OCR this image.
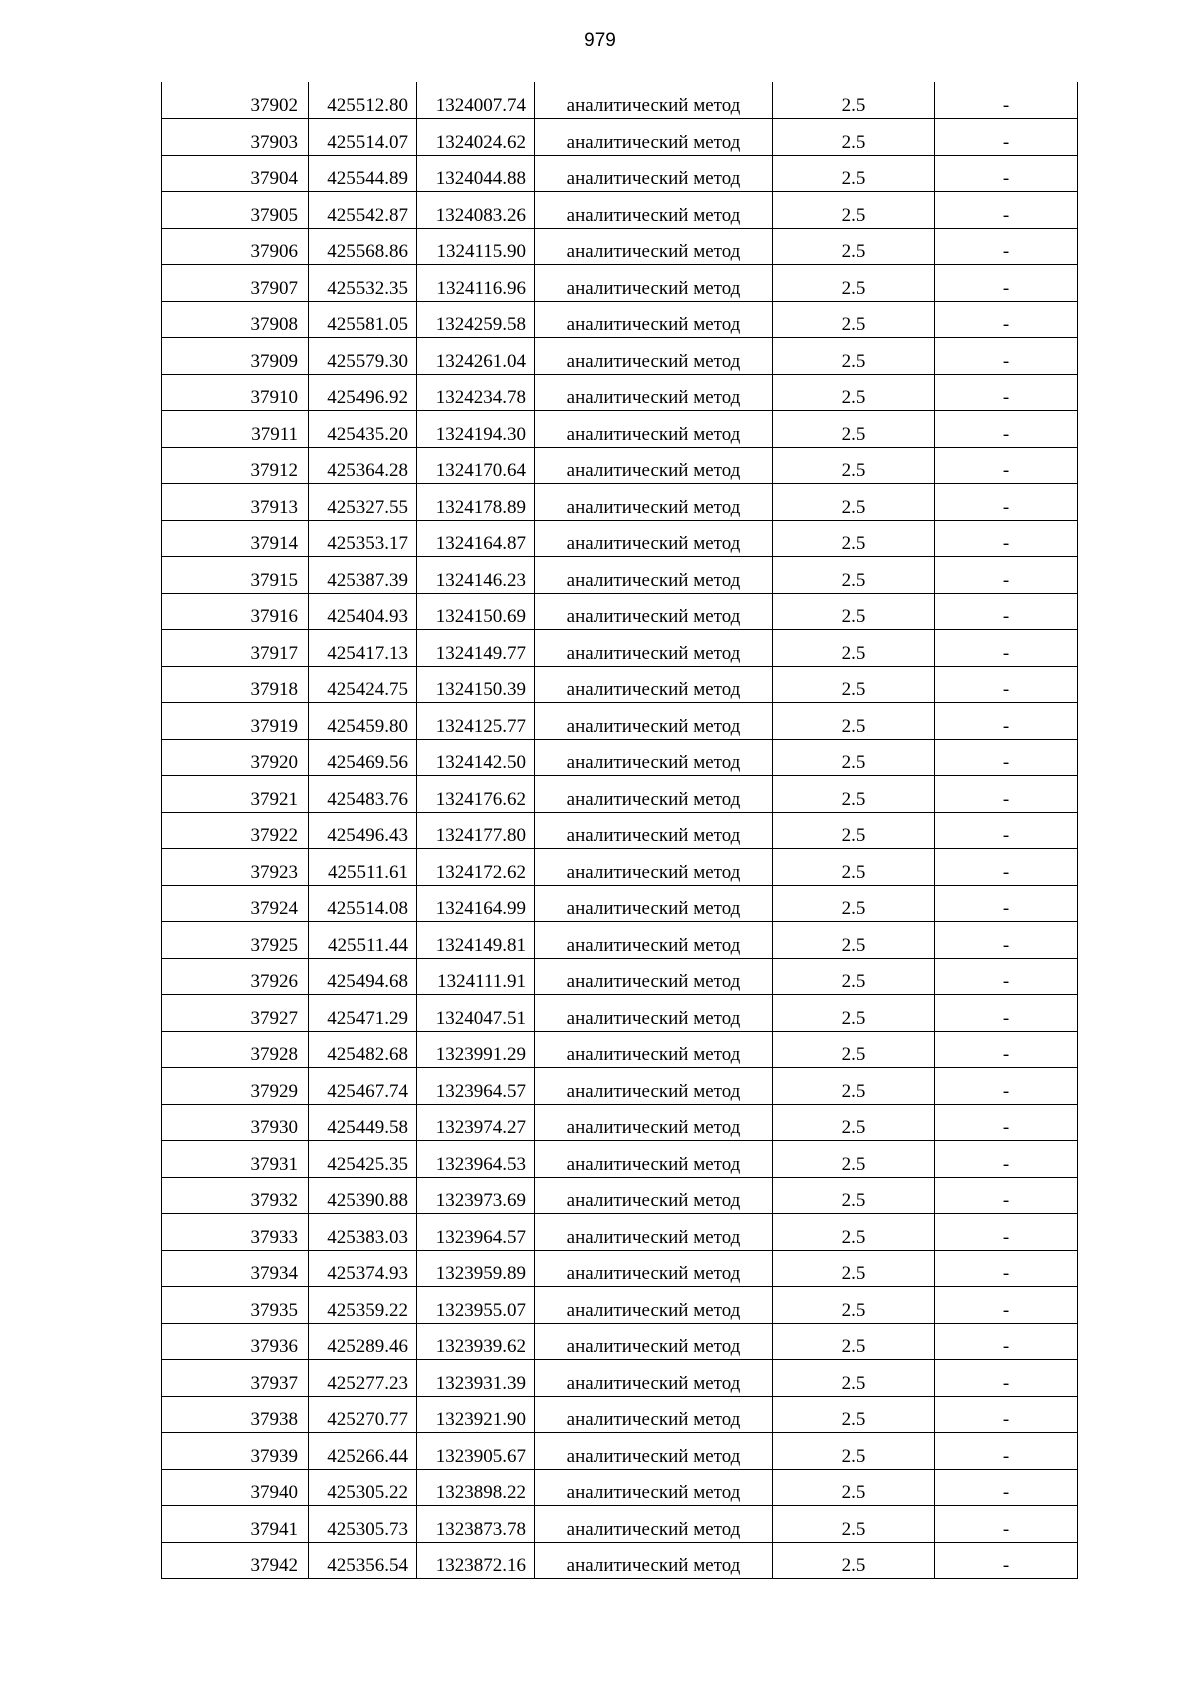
979
37902	425512.80	1324007.74	аналитический метод	2.5	-
37903	425514.07	1324024.62	аналитический метод	2.5	-
37904	425544.89	1324044.88	аналитический метод	2.5	-
37905	425542.87	1324083.26	аналитический метод	2.5	-
37906	425568.86	1324115.90	аналитический метод	2.5	-
37907	425532.35	1324116.96	аналитический метод	2.5	-
37908	425581.05	1324259.58	аналитический метод	2.5	-
37909	425579.30	1324261.04	аналитический метод	2.5	-
37910	425496.92	1324234.78	аналитический метод	2.5	-
37911	425435.20	1324194.30	аналитический метод	2.5	-
37912	425364.28	1324170.64	аналитический метод	2.5	-
37913	425327.55	1324178.89	аналитический метод	2.5	-
37914	425353.17	1324164.87	аналитический метод	2.5	-
37915	425387.39	1324146.23	аналитический метод	2.5	-
37916	425404.93	1324150.69	аналитический метод	2.5	-
37917	425417.13	1324149.77	аналитический метод	2.5	-
37918	425424.75	1324150.39	аналитический метод	2.5	-
37919	425459.80	1324125.77	аналитический метод	2.5	-
37920	425469.56	1324142.50	аналитический метод	2.5	-
37921	425483.76	1324176.62	аналитический метод	2.5	-
37922	425496.43	1324177.80	аналитический метод	2.5	-
37923	425511.61	1324172.62	аналитический метод	2.5	-
37924	425514.08	1324164.99	аналитический метод	2.5	-
37925	425511.44	1324149.81	аналитический метод	2.5	-
37926	425494.68	1324111.91	аналитический метод	2.5	-
37927	425471.29	1324047.51	аналитический метод	2.5	-
37928	425482.68	1323991.29	аналитический метод	2.5	-
37929	425467.74	1323964.57	аналитический метод	2.5	-
37930	425449.58	1323974.27	аналитический метод	2.5	-
37931	425425.35	1323964.53	аналитический метод	2.5	-
37932	425390.88	1323973.69	аналитический метод	2.5	-
37933	425383.03	1323964.57	аналитический метод	2.5	-
37934	425374.93	1323959.89	аналитический метод	2.5	-
37935	425359.22	1323955.07	аналитический метод	2.5	-
37936	425289.46	1323939.62	аналитический метод	2.5	-
37937	425277.23	1323931.39	аналитический метод	2.5	-
37938	425270.77	1323921.90	аналитический метод	2.5	-
37939	425266.44	1323905.67	аналитический метод	2.5	-
37940	425305.22	1323898.22	аналитический метод	2.5	-
37941	425305.73	1323873.78	аналитический метод	2.5	-
37942	425356.54	1323872.16	аналитический метод	2.5	-
